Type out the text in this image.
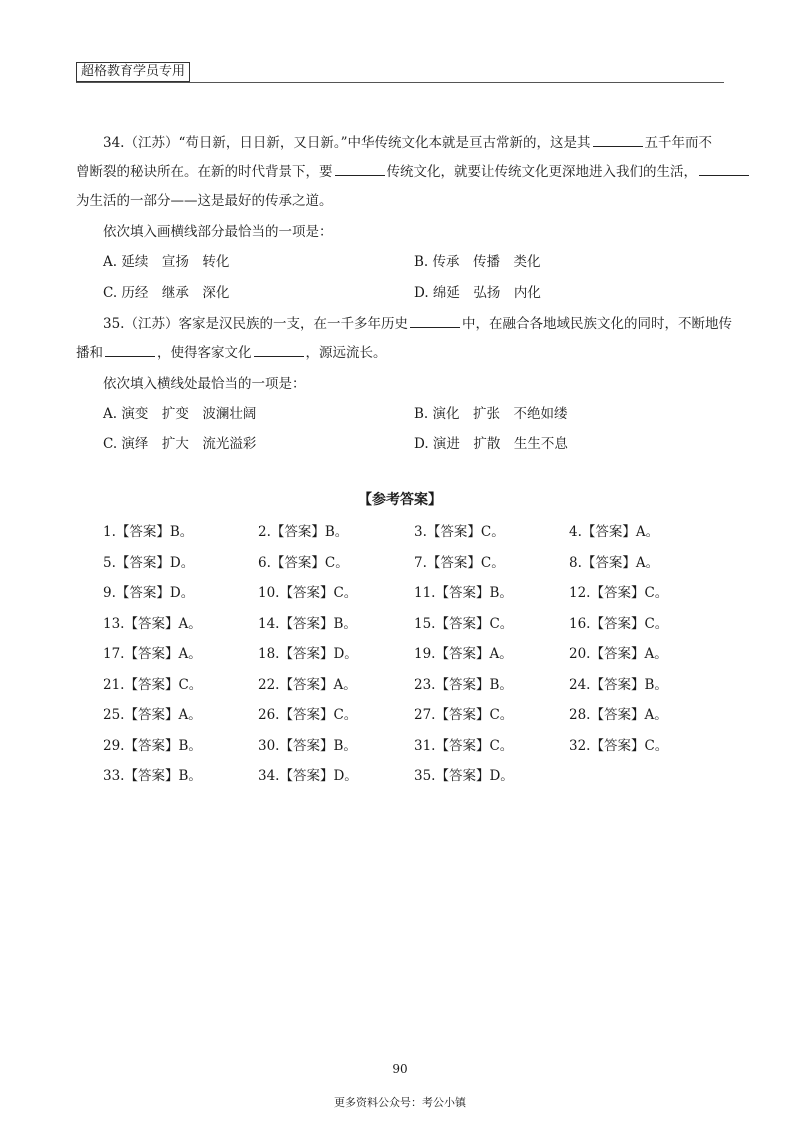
超格教育学员专用
34.（江苏）“苟日新，日日新，又日新。”中华传统文化本就是亘古常新的，这是其	五千年而不
曾断裂的秘诀所在。在新的时代背景下，要	传统文化，就要让传统文化更深地进入我们的生活，
为生活的一部分——这是最好的传承之道。
依次填入画横线部分最恰当的一项是：
A. 延续　宣扬　转化	B. 传承　传播　类化
C. 历经　继承　深化	D. 绵延　弘扬　内化
35.（江苏）客家是汉民族的一支，在一千多年历史	中，在融合各地域民族文化的同时，不断地传
播和	，使得客家文化	，源远流长。
依次填入横线处最恰当的一项是：
A. 演变　扩变　波澜壮阔	B. 演化　扩张　不绝如缕
C. 演绎　扩大　流光溢彩	D. 演进　扩散　生生不息
【参考答案】
1.【答案】B。	2.【答案】B。	3.【答案】C。	4.【答案】A。
5.【答案】D。	6.【答案】C。	7.【答案】C。	8.【答案】A。
9.【答案】D。	10.【答案】C。	11.【答案】B。	12.【答案】C。
13.【答案】A。	14.【答案】B。	15.【答案】C。	16.【答案】C。
17.【答案】A。	18.【答案】D。	19.【答案】A。	20.【答案】A。
21.【答案】C。	22.【答案】A。	23.【答案】B。	24.【答案】B。
25.【答案】A。	26.【答案】C。	27.【答案】C。	28.【答案】A。
29.【答案】B。	30.【答案】B。	31.【答案】C。	32.【答案】C。
33.【答案】B。	34.【答案】D。	35.【答案】D。
90
更多资料公众号：考公小镇
